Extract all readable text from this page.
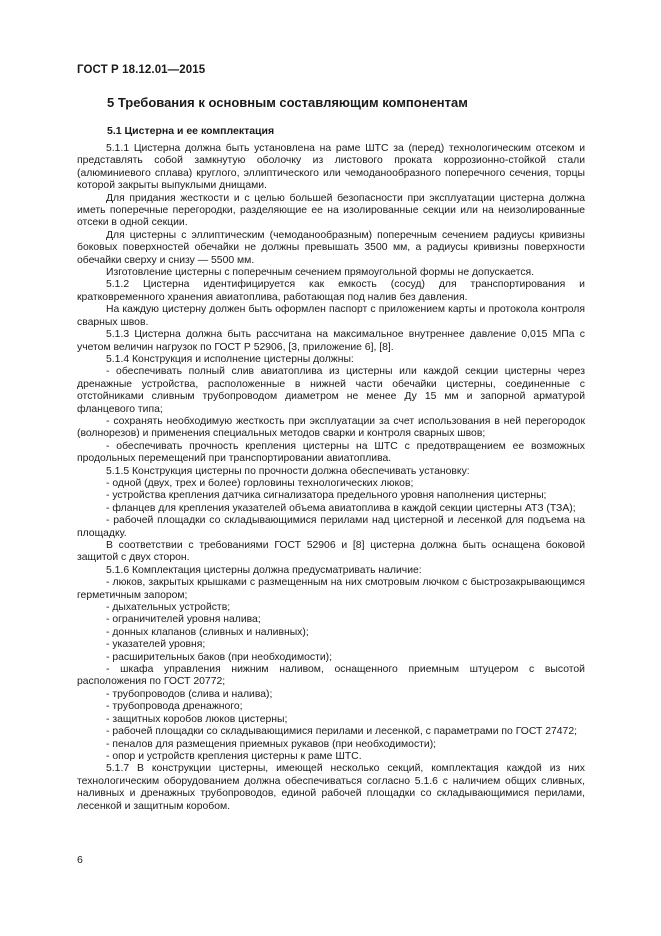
ГОСТ Р 18.12.01—2015
5 Требования к основным составляющим компонентам
5.1 Цистерна и ее комплектация

5.1.1 Цистерна должна быть установлена на раме ШТС за (перед) технологическим отсеком и представлять собой замкнутую оболочку из листового проката коррозионно-стойкой стали (алюминиевого сплава) круглого, эллиптического или чемоданообразного поперечного сечения, торцы которой закрыты выпуклыми днищами.

Для придания жесткости и с целью большей безопасности при эксплуатации цистерна должна иметь поперечные перегородки, разделяющие ее на изолированные секции или на неизолированные отсеки в одной секции.

Для цистерны с эллиптическим (чемоданообразным) поперечным сечением радиусы кривизны боковых поверхностей обечайки не должны превышать 3500 мм, а радиусы кривизны поверхности обечайки сверху и снизу — 5500 мм.

Изготовление цистерны с поперечным сечением прямоугольной формы не допускается.

5.1.2 Цистерна идентифицируется как емкость (сосуд) для транспортирования и кратковременного хранения авиатоплива, работающая под налив без давления.

На каждую цистерну должен быть оформлен паспорт с приложением карты и протокола контроля сварных швов.

5.1.3 Цистерна должна быть рассчитана на максимальное внутреннее давление 0,015 МПа с учетом величин нагрузок по ГОСТ Р 52906, [3, приложение 6], [8].

5.1.4 Конструкция и исполнение цистерны должны:

- обеспечивать полный слив авиатоплива из цистерны или каждой секции цистерны через дренажные устройства, расположенные в нижней части обечайки цистерны, соединенные с отстойниками сливным трубопроводом диаметром не менее Ду 15 мм и запорной арматурой фланцевого типа;

- сохранять необходимую жесткость при эксплуатации за счет использования в ней перегородок (волнорезов) и применения специальных методов сварки и контроля сварных швов;

- обеспечивать прочность крепления цистерны на ШТС с предотвращением ее возможных продольных перемещений при транспортировании авиатоплива.

5.1.5 Конструкция цистерны по прочности должна обеспечивать установку:

- одной (двух, трех и более) горловины технологических люков;

- устройства крепления датчика сигнализатора предельного уровня наполнения цистерны;

- фланцев для крепления указателей объема авиатоплива в каждой секции цистерны АТЗ (ТЗА);

- рабочей площадки со складывающимися перилами над цистерной и лесенкой для подъема на площадку.

В соответствии с требованиями ГОСТ 52906 и [8] цистерна должна быть оснащена боковой защитой с двух сторон.

5.1.6 Комплектация цистерны должна предусматривать наличие:

- люков, закрытых крышками с размещенным на них смотровым лючком с быстрозакрывающимся герметичным запором;

- дыхательных устройств;

- ограничителей уровня налива;

- донных клапанов (сливных и наливных);

- указателей уровня;

- расширительных баков (при необходимости);

- шкафа управления нижним наливом, оснащенного приемным штуцером с высотой расположения по ГОСТ 20772;

- трубопроводов (слива и налива);

- трубопровода дренажного;

- защитных коробов люков цистерны;

- рабочей площадки со складывающимися перилами и лесенкой, с параметрами по ГОСТ 27472;

- пеналов для размещения приемных рукавов (при необходимости);

- опор и устройств крепления цистерны к раме ШТС.

5.1.7 В конструкции цистерны, имеющей несколько секций, комплектация каждой из них технологическим оборудованием должна обеспечиваться согласно 5.1.6 с наличием общих сливных, наливных и дренажных трубопроводов, единой рабочей площадки со складывающимися перилами, лесенкой и защитным коробом.

6
